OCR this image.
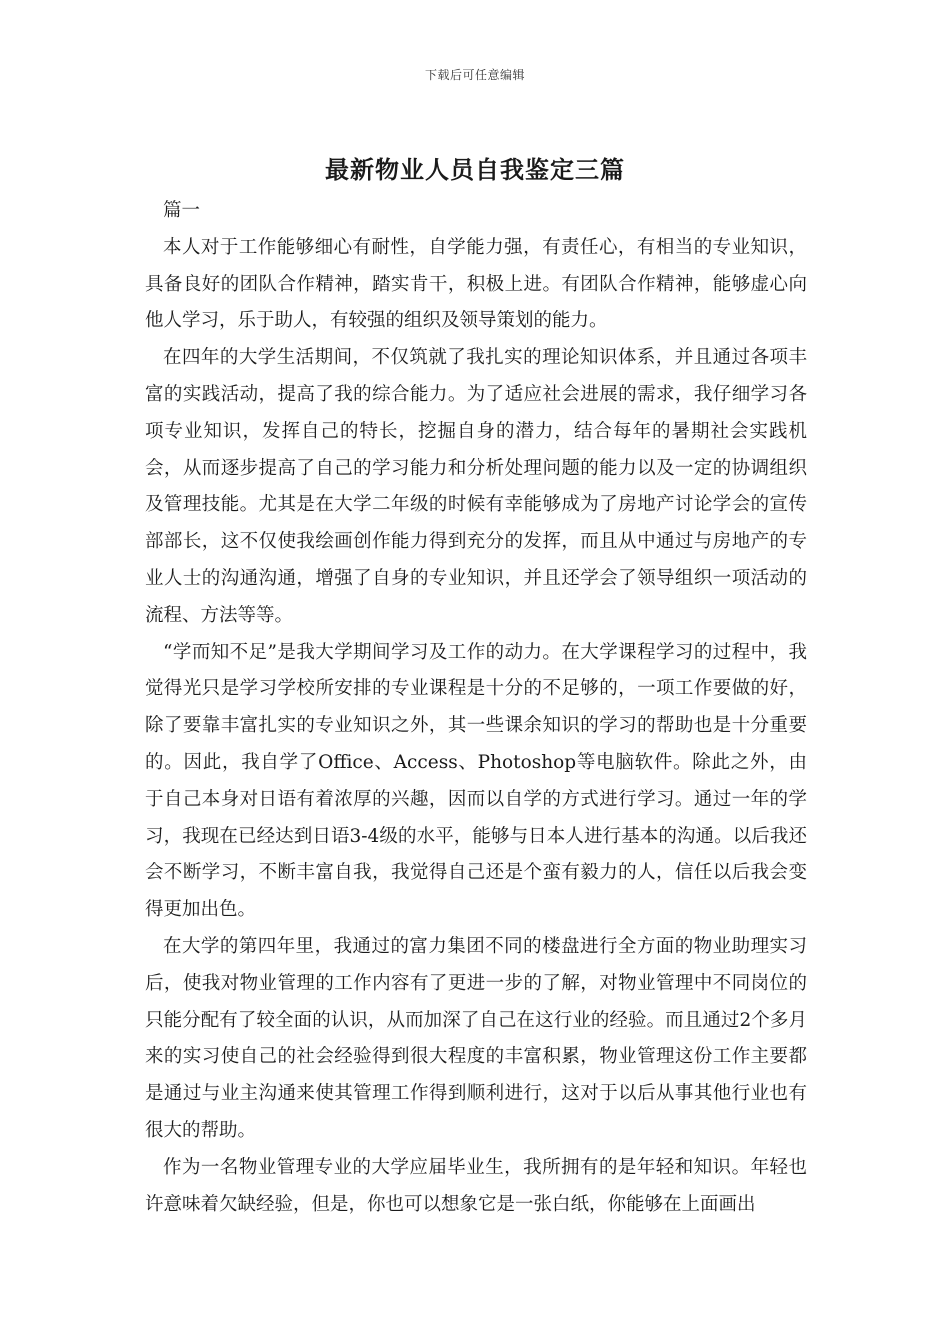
下载后可任意编辑
最新物业人员自我鉴定三篇

篇一

本人对于工作能够细心有耐性，自学能力强，有责任心，有相当的专业知识，具备良好的团队合作精神，踏实肯干，积极上进。有团队合作精神，能够虚心向他人学习，乐于助人，有较强的组织及领导策划的能力。

在四年的大学生活期间，不仅筑就了我扎实的理论知识体系，并且通过各项丰富的实践活动，提高了我的综合能力。为了适应社会进展的需求，我仔细学习各项专业知识，发挥自己的特长，挖掘自身的潜力，结合每年的暑期社会实践机会，从而逐步提高了自己的学习能力和分析处理问题的能力以及一定的协调组织及管理技能。尤其是在大学二年级的时候有幸能够成为了房地产讨论学会的宣传部部长，这不仅使我绘画创作能力得到充分的发挥，而且从中通过与房地产的专业人士的沟通沟通，增强了自身的专业知识，并且还学会了领导组织一项活动的流程、方法等等。

“学而知不足”是我大学期间学习及工作的动力。在大学课程学习的过程中，我觉得光只是学习学校所安排的专业课程是十分的不足够的，一项工作要做的好，除了要靠丰富扎实的专业知识之外，其一些课余知识的学习的帮助也是十分重要的。因此，我自学了Office、Access、Photoshop等电脑软件。除此之外，由于自己本身对日语有着浓厚的兴趣，因而以自学的方式进行学习。通过一年的学习，我现在已经达到日语3-4级的水平，能够与日本人进行基本的沟通。以后我还会不断学习，不断丰富自我，我觉得自己还是个蛮有毅力的人，信任以后我会变得更加出色。

在大学的第四年里，我通过的富力集团不同的楼盘进行全方面的物业助理实习后，使我对物业管理的工作内容有了更进一步的了解，对物业管理中不同岗位的只能分配有了较全面的认识，从而加深了自己在这行业的经验。而且通过2个多月来的实习使自己的社会经验得到很大程度的丰富积累，物业管理这份工作主要都是通过与业主沟通来使其管理工作得到顺利进行，这对于以后从事其他行业也有很大的帮助。

作为一名物业管理专业的大学应届毕业生，我所拥有的是年轻和知识。年轻也许意味着欠缺经验，但是，你也可以想象它是一张白纸，你能够在上面画出
